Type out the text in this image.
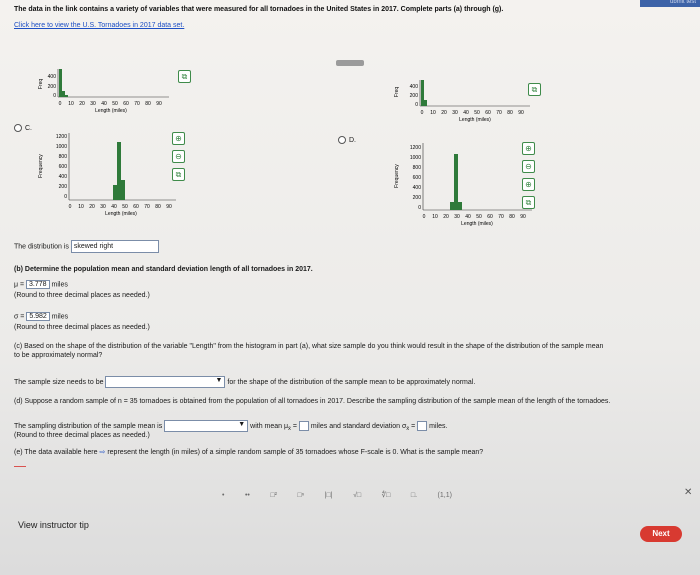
ubmit test
The data in the link contains a variety of variables that were measured for all tornadoes in the United States in 2017. Complete parts (a) through (g).
Click here to view the U.S. Tornadoes in 2017 data set.
Freq
400
200
0
0 10 20 30 40 50 60 70 80 90
Length (miles)
⧉
Freq 400
200
0
0 10 20 30 40 50 60 70 80 90
Length (miles)
⧉
C.
Frequency
1200
1000
800
600
400
200
0
0 10 20 30 40 50 60 70 80 90
Length (miles)
⊕
⊖
⧉
D.
Frequency
1200
1000
800
600
400
200
0
0 10 20 30 40 50 60 70 80 90
Length (miles)
⊕
⊖
⊕
⧉
The distribution is skewed right
(b) Determine the population mean and standard deviation length of all tornadoes in 2017.
μ = 3.778 miles
(Round to three decimal places as needed.)
σ = 5.982 miles
(Round to three decimal places as needed.)
(c) Based on the shape of the distribution of the variable "Length" from the histogram in part (a), what size sample do you think would result in the shape of the distribution of the sample mean
to be approximately normal?
The sample size needs to be	▼ for the shape of the distribution of the sample mean to be approximately normal.
(d) Suppose a random sample of n = 35 tornadoes is obtained from the population of all tornadoes in 2017. Describe the sampling distribution of the sample mean of the length of the tornadoes.
The sampling distribution of the sample mean is	▼ with mean $\mu_{x̄}$ = miles and standard deviation $\sigma_{x̄}$ = miles.
(Round to three decimal places as needed.)
(e) The data available here ⇨ represent the length (in miles) of a simple random sample of 35 tornadoes whose F-scale is 0. What is the sample mean?
•	••	□²	□ⁿ	|□|	√□	∜□	□.	(1,1)	✕
View instructor tip
Next
